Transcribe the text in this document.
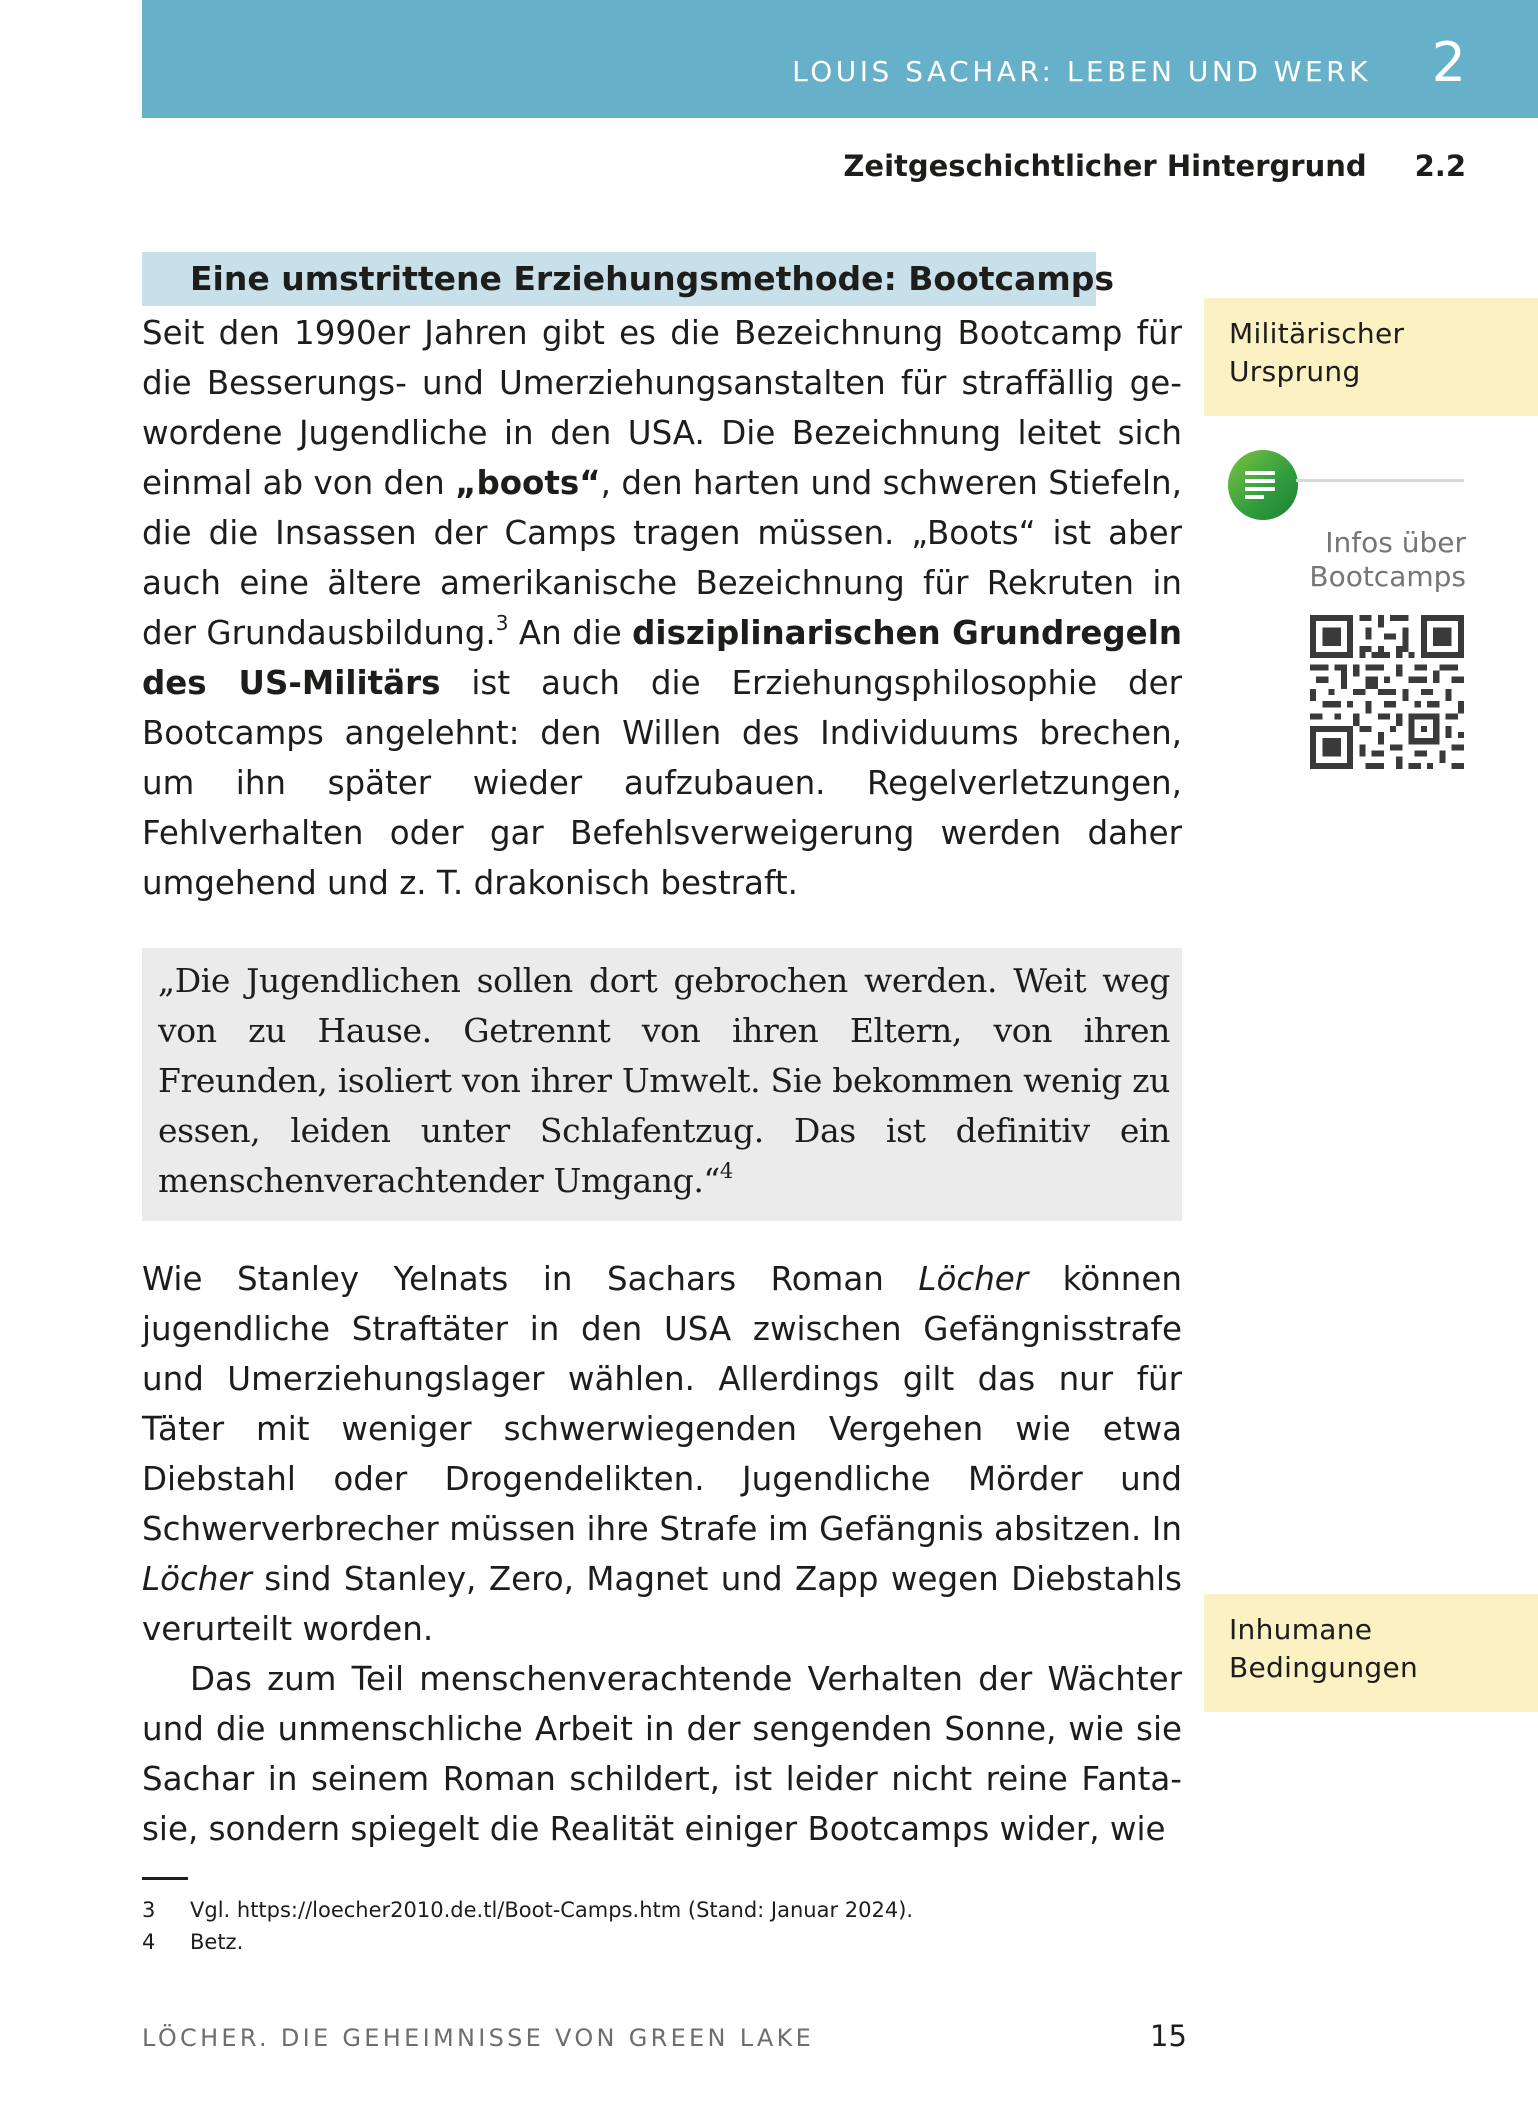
LOUIS SACHAR: LEBEN UND WERK 2
Zeitgeschichtlicher Hintergrund 2.2
Eine umstrittene Erziehungsmethode: Bootcamps

Seit den 1990er Jahren gibt es die Bezeichnung Bootcamp für die Besserungs- und Umerziehungsanstalten für straffällig gewordene Jugendliche in den USA. Die Bezeichnung leitet sich einmal ab von den „boots“, den harten und schweren Stiefeln, die die Insassen der Camps tragen müssen. „Boots“ ist aber auch eine ältere amerikanische Bezeichnung für Rekruten in der Grundausbildung.$^3$ An die disziplinarischen Grundregeln des US-Militärs ist auch die Erziehungsphilosophie der Bootcamps angelehnt: den Willen des Individuums brechen, um ihn später wieder aufzubauen. Regelverletzungen, Fehlverhalten oder gar Befehlsverweigerung werden daher umgehend und z. T. drakonisch bestraft.

„Die Jugendlichen sollen dort gebrochen werden. Weit weg von zu Hause. Getrennt von ihren Eltern, von ihren Freunden, isoliert von ihrer Umwelt. Sie bekommen wenig zu essen, leiden unter Schlafentzug. Das ist definitiv ein menschenverachtender Umgang.“$^4$

Wie Stanley Yelnats in Sachars Roman Löcher können jugendliche Straftäter in den USA zwischen Gefängnisstrafe und Umerziehungslager wählen. Allerdings gilt das nur für Täter mit weniger schwerwiegenden Vergehen wie etwa Diebstahl oder Drogendelikten. Jugendliche Mörder und Schwerverbrecher müssen ihre Strafe im Gefängnis absitzen. In Löcher sind Stanley, Zero, Magnet und Zapp wegen Diebstahls verurteilt worden.

Das zum Teil menschenverachtende Verhalten der Wächter und die unmenschliche Arbeit in der sengenden Sonne, wie sie Sachar in seinem Roman schildert, ist leider nicht reine Fantasie, sondern spiegelt die Realität einiger Bootcamps wider, wie

Militärischer
Ursprung
Inhumane
Bedingungen
Infos über
Bootcamps
3 Vgl. https://loecher2010.de.tl/Boot-Camps.htm (Stand: Januar 2024).
4 Betz.
LÖCHER. DIE GEHEIMNISSE VON GREEN LAKE	15
